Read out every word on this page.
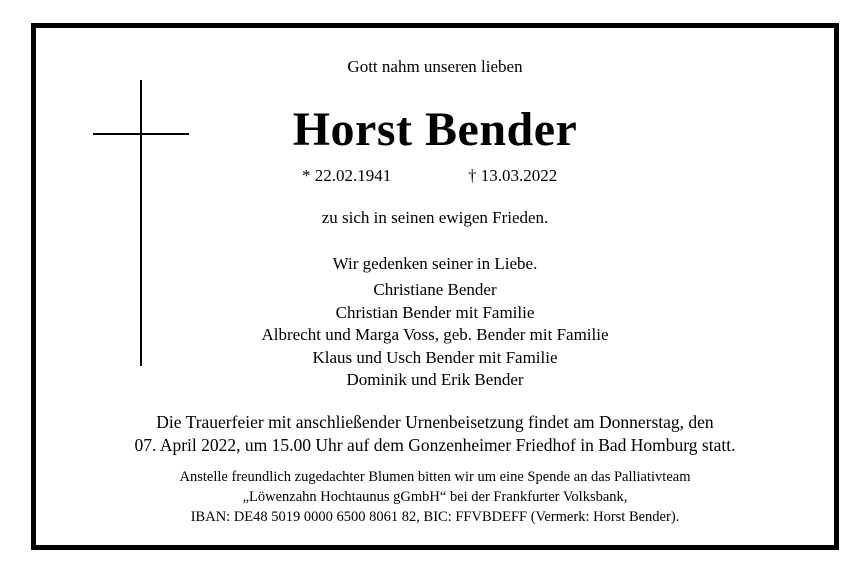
Gott nahm unseren lieben
Horst Bender
* 22.02.1941	† 13.03.2022
zu sich in seinen ewigen Frieden.
Wir gedenken seiner in Liebe.
Christiane Bender
Christian Bender mit Familie
Albrecht und Marga Voss, geb. Bender mit Familie
Klaus und Usch Bender mit Familie
Dominik und Erik Bender
Die Trauerfeier mit anschließender Urnenbeisetzung findet am Donnerstag, den
07. April 2022, um 15.00 Uhr auf dem Gonzenheimer Friedhof in Bad Homburg statt.
Anstelle freundlich zugedachter Blumen bitten wir um eine Spende an das Palliativteam
„Löwenzahn Hochtaunus gGmbH“ bei der Frankfurter Volksbank,
IBAN: DE48 5019 0000 6500 8061 82, BIC: FFVBDEFF (Vermerk: Horst Bender).
